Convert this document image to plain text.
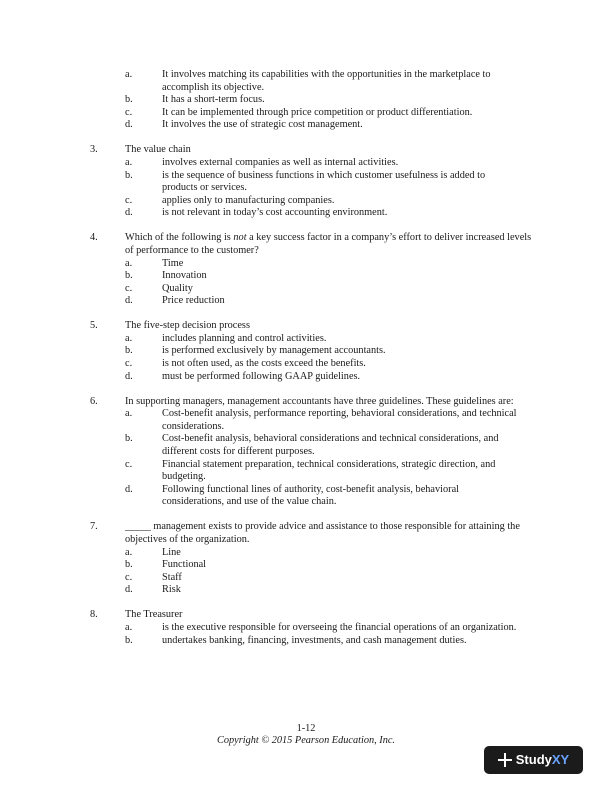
a.	It involves matching its capabilities with the opportunities in the marketplace to accomplish its objective.
b.	It has a short-term focus.
c.	It can be implemented through price competition or product differentiation.
d.	It involves the use of strategic cost management.
3.	The value chain
a.	involves external companies as well as internal activities.
b.	is the sequence of business functions in which customer usefulness is added to products or services.
c.	applies only to manufacturing companies.
d.	is not relevant in today’s cost accounting environment.
4.	Which of the following is not a key success factor in a company’s effort to deliver increased levels of performance to the customer?
a.	Time
b.	Innovation
c.	Quality
d.	Price reduction
5.	The five-step decision process
a.	includes planning and control activities.
b.	is performed exclusively by management accountants.
c.	is not often used, as the costs exceed the benefits.
d.	must be performed following GAAP guidelines.
6.	In supporting managers, management accountants have three guidelines. These guidelines are:
a.	Cost-benefit analysis, performance reporting, behavioral considerations, and technical considerations.
b.	Cost-benefit analysis, behavioral considerations and technical considerations, and different costs for different purposes.
c.	Financial statement preparation, technical considerations, strategic direction, and budgeting.
d.	Following functional lines of authority, cost-benefit analysis, behavioral considerations, and use of the value chain.
7.	_____ management exists to provide advice and assistance to those responsible for attaining the objectives of the organization.
a.	Line
b.	Functional
c.	Staff
d.	Risk
8.	The Treasurer
a.	is the executive responsible for overseeing the financial operations of an organization.
b.	undertakes banking, financing, investments, and cash management duties.
1-12
Copyright © 2015 Pearson Education, Inc.
StudyXY
